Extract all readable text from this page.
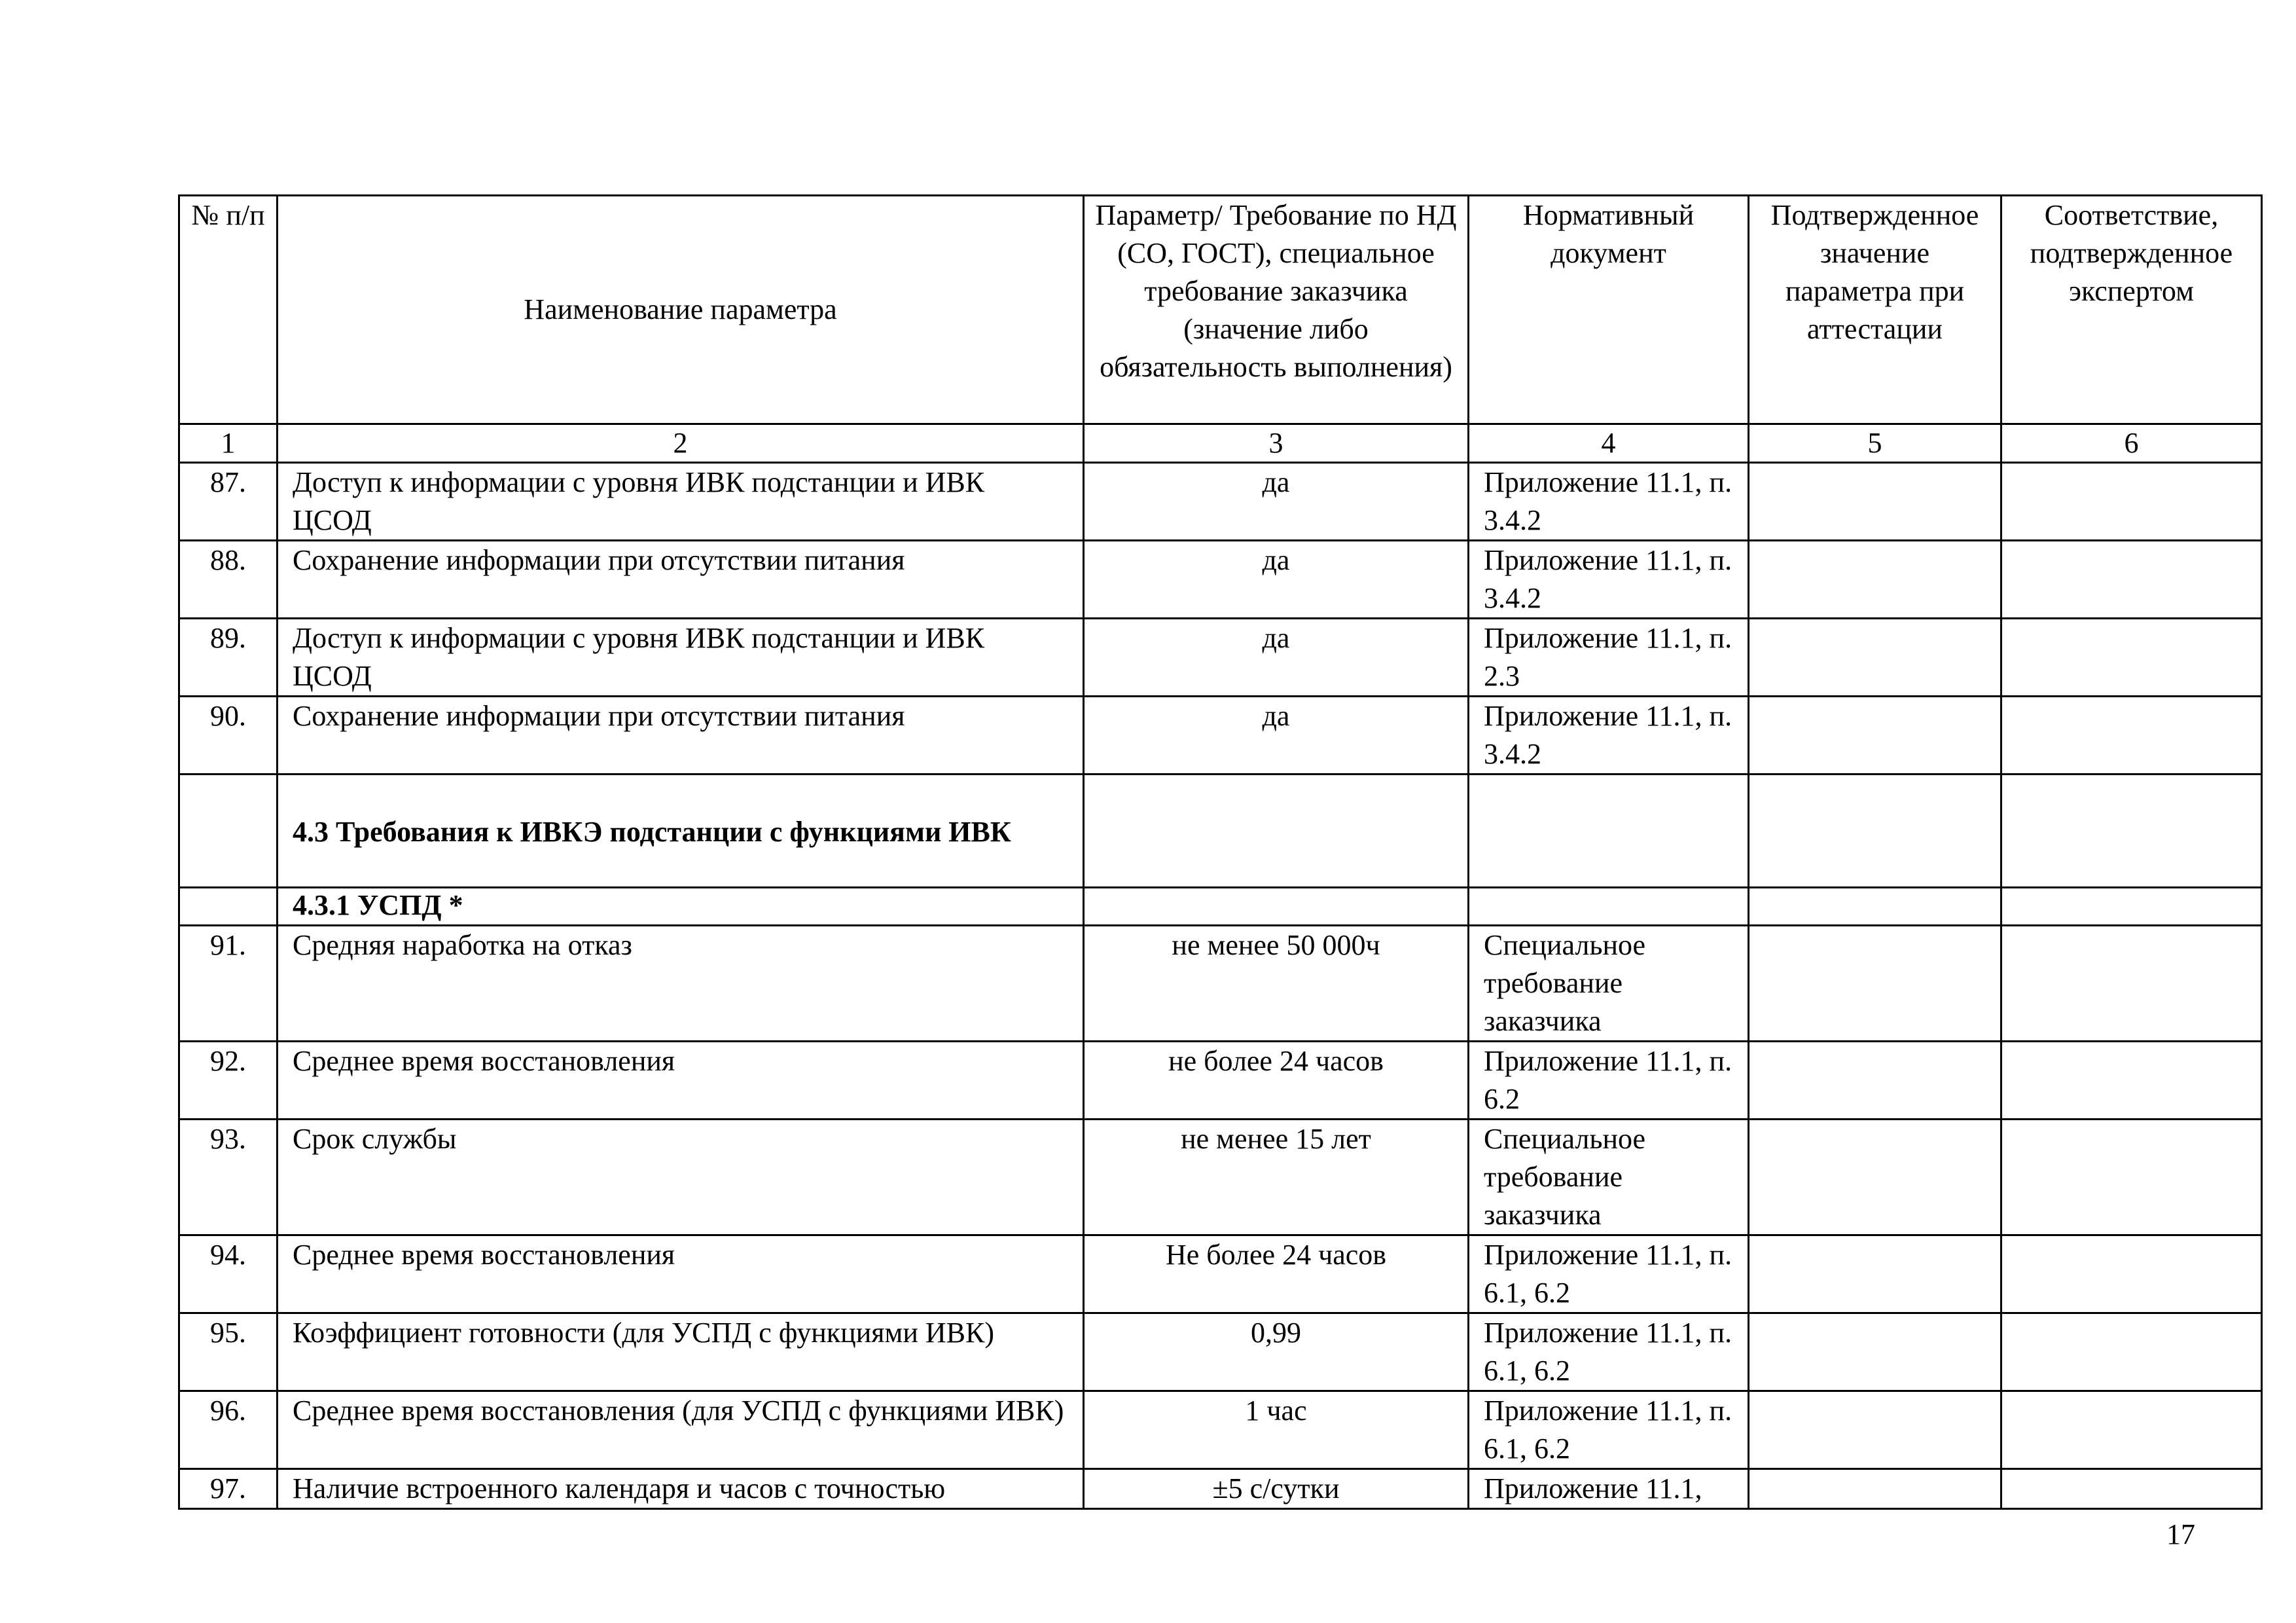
№ п/п	Наименование параметра	Параметр/ Требование по НД (СО, ГОСТ), специальное требование заказчика (значение либо обязательность выполнения)	Нормативный документ	Подтвержденное значение параметра при аттестации	Соответствие, подтвержденное экспертом
1	2	3	4	5	6
87.	Доступ к информации с уровня ИВК подстанции и ИВК ЦСОД	да	Приложение 11.1, п. 3.4.2		
88.	Сохранение информации при отсутствии питания	да	Приложение 11.1, п. 3.4.2		
89.	Доступ к информации с уровня ИВК подстанции и ИВК ЦСОД	да	Приложение 11.1, п. 2.3		
90.	Сохранение информации при отсутствии питания	да	Приложение 11.1, п. 3.4.2		
	4.3 Требования к ИВКЭ подстанции с функциями ИВК				
	4.3.1 УСПД *				
91.	Средняя наработка на отказ	не менее 50 000ч	Специальное требование заказчика		
92.	Среднее время восстановления	не более 24 часов	Приложение 11.1, п. 6.2		
93.	Срок службы	не менее 15 лет	Специальное требование заказчика		
94.	Среднее время восстановления	Не более 24 часов	Приложение 11.1, п. 6.1, 6.2		
95.	Коэффициент готовности (для УСПД с функциями ИВК)	0,99	Приложение 11.1, п. 6.1, 6.2		
96.	Среднее время восстановления (для УСПД с функциями ИВК)	1 час	Приложение 11.1, п. 6.1, 6.2		
97.	Наличие встроенного календаря и часов с точностью	±5 с/сутки	Приложение 11.1,		
17
